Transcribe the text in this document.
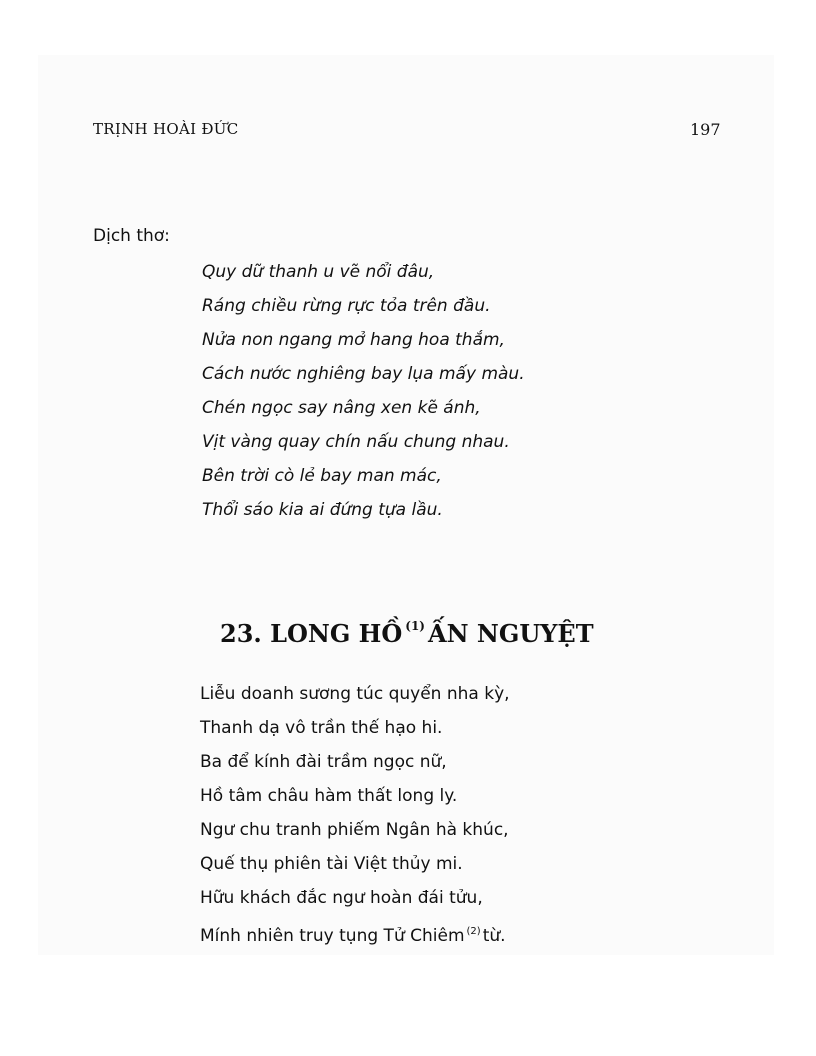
TRỊNH HOÀI ĐỨC	197
Dịch thơ:
Quy dữ thanh u vẽ nổi đâu,
Ráng chiều rừng rực tỏa trên đầu.
Nửa non ngang mở hang hoa thắm,
Cách nước nghiêng bay lụa mấy màu.
Chén ngọc say nâng xen kẽ ánh,
Vịt vàng quay chín nấu chung nhau.
Bên trời cò lẻ bay man mác,
Thổi sáo kia ai đứng tựa lầu.
23. LONG HỒ $^{(1)}$ ẤN NGUYỆT
Liễu doanh sương túc quyển nha kỳ,
Thanh dạ vô trần thế hạo hi.
Ba để kính đài trầm ngọc nữ,
Hồ tâm châu hàm thất long ly.
Ngư chu tranh phiếm Ngân hà khúc,
Quế thụ phiên tài Việt thủy mi.
Hữu khách đắc ngư hoàn đái tửu,
Mính nhiên truy tụng Tử Chiêm $^{(2)}$ từ.
